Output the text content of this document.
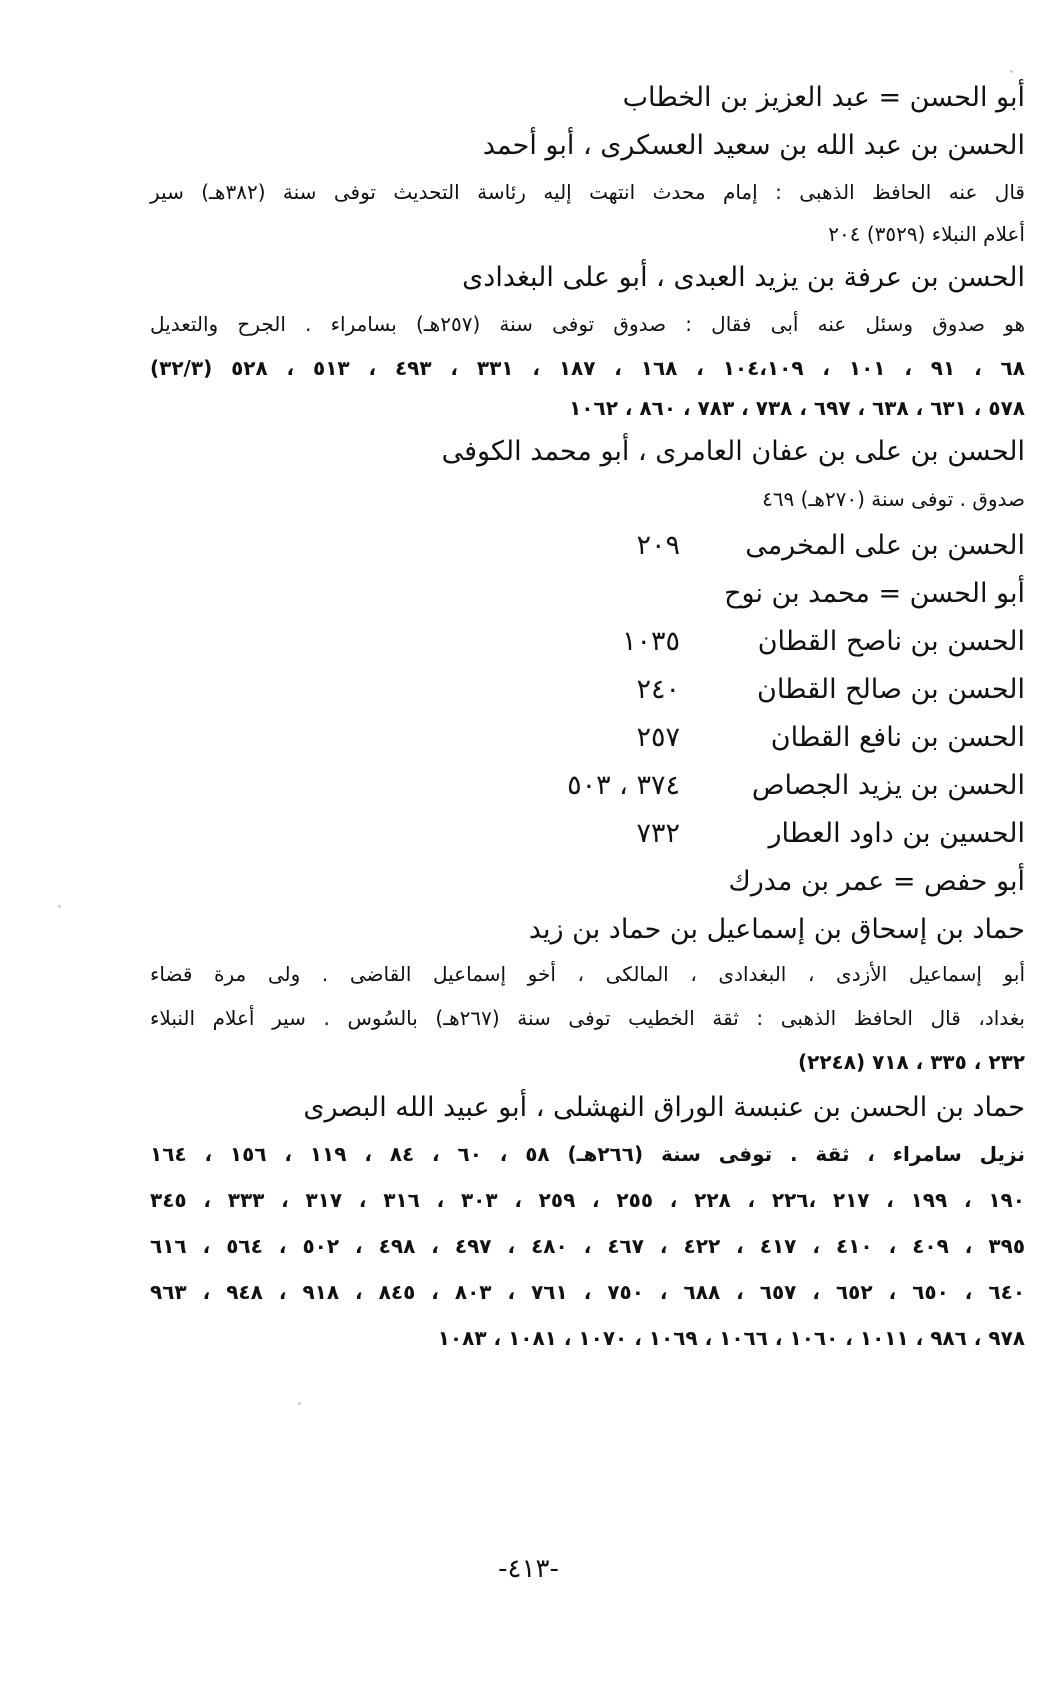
أبو الحسن = عبد العزيز بن الخطاب
الحسن بن عبد الله بن سعيد العسكرى ، أبو أحمد
قال عنه الحافظ الذهبى : إمام محدث انتهت إليه رئاسة التحديث توفى سنة (٣٨٢هـ) سير
أعلام النبلاء (٣٥٢٩) ٢٠٤
الحسن بن عرفة بن يزيد العبدى ، أبو على البغدادى
هو صدوق وسئل عنه أبى فقال : صدوق توفى سنة (٢٥٧هـ) بسامراء . الجرح والتعديل
(٣٢/٣) ٦٨ ، ٩١ ، ١٠١ ، ١٠٤،١٠٩ ، ١٦٨ ، ١٨٧ ، ٣٣١ ، ٤٩٣ ، ٥١٣ ، ٥٢٨
٥٧٨ ، ٦٣١ ، ٦٣٨ ، ٦٩٧ ، ٧٣٨ ، ٧٨٣ ، ٨٦٠ ، ١٠٦٢
الحسن بن على بن عفان العامرى ، أبو محمد الكوفى
صدوق . توفى سنة (٢٧٠هـ) ٤٦٩
الحسن بن على المخرمى
٢٠٩
أبو الحسن = محمد بن نوح
الحسن بن ناصح القطان
١٠٣٥
الحسن بن صالح القطان
٢٤٠
الحسن بن نافع القطان
٢٥٧
الحسن بن يزيد الجصاص
٣٧٤ ، ٥٠٣
الحسين بن داود العطار
٧٣٢
أبو حفص = عمر بن مدرك
حماد بن إسحاق بن إسماعيل بن حماد بن زيد
أبو إسماعيل الأزدى ، البغدادى ، المالكى ، أخو إسماعيل القاضى . ولى مرة قضاء
بغداد، قال الحافظ الذهبى : ثقة الخطيب توفى سنة (٢٦٧هـ) بالسُوس . سير أعلام النبلاء
(٢٢٤٨) ٢٣٢ ، ٣٣٥ ، ٧١٨
حماد بن الحسن بن عنبسة الوراق النهشلى ، أبو عبيد الله البصرى
نزيل سامراء ، ثقة . توفى سنة (٢٦٦هـ) ٥٨ ، ٦٠ ، ٨٤ ، ١١٩ ، ١٥٦ ، ١٦٤
١٩٠ ، ١٩٩ ، ٢١٧ ،٢٢٦ ، ٢٢٨ ، ٢٥٥ ، ٢٥٩ ، ٣٠٣ ، ٣١٦ ، ٣١٧ ، ٣٣٣ ، ٣٤٥
٣٩٥ ، ٤٠٩ ، ٤١٠ ، ٤١٧ ، ٤٢٢ ، ٤٦٧ ، ٤٨٠ ، ٤٩٧ ، ٤٩٨ ، ٥٠٢ ، ٥٦٤ ، ٦١٦
٦٤٠ ، ٦٥٠ ، ٦٥٢ ، ٦٥٧ ، ٦٨٨ ، ٧٥٠ ، ٧٦١ ، ٨٠٣ ، ٨٤٥ ، ٩١٨ ، ٩٤٨ ، ٩٦٣
٩٧٨ ، ٩٨٦ ، ١٠١١ ، ١٠٦٠ ، ١٠٦٦ ، ١٠٦٩ ، ١٠٧٠ ، ١٠٨١ ، ١٠٨٣
-٤١٣-
